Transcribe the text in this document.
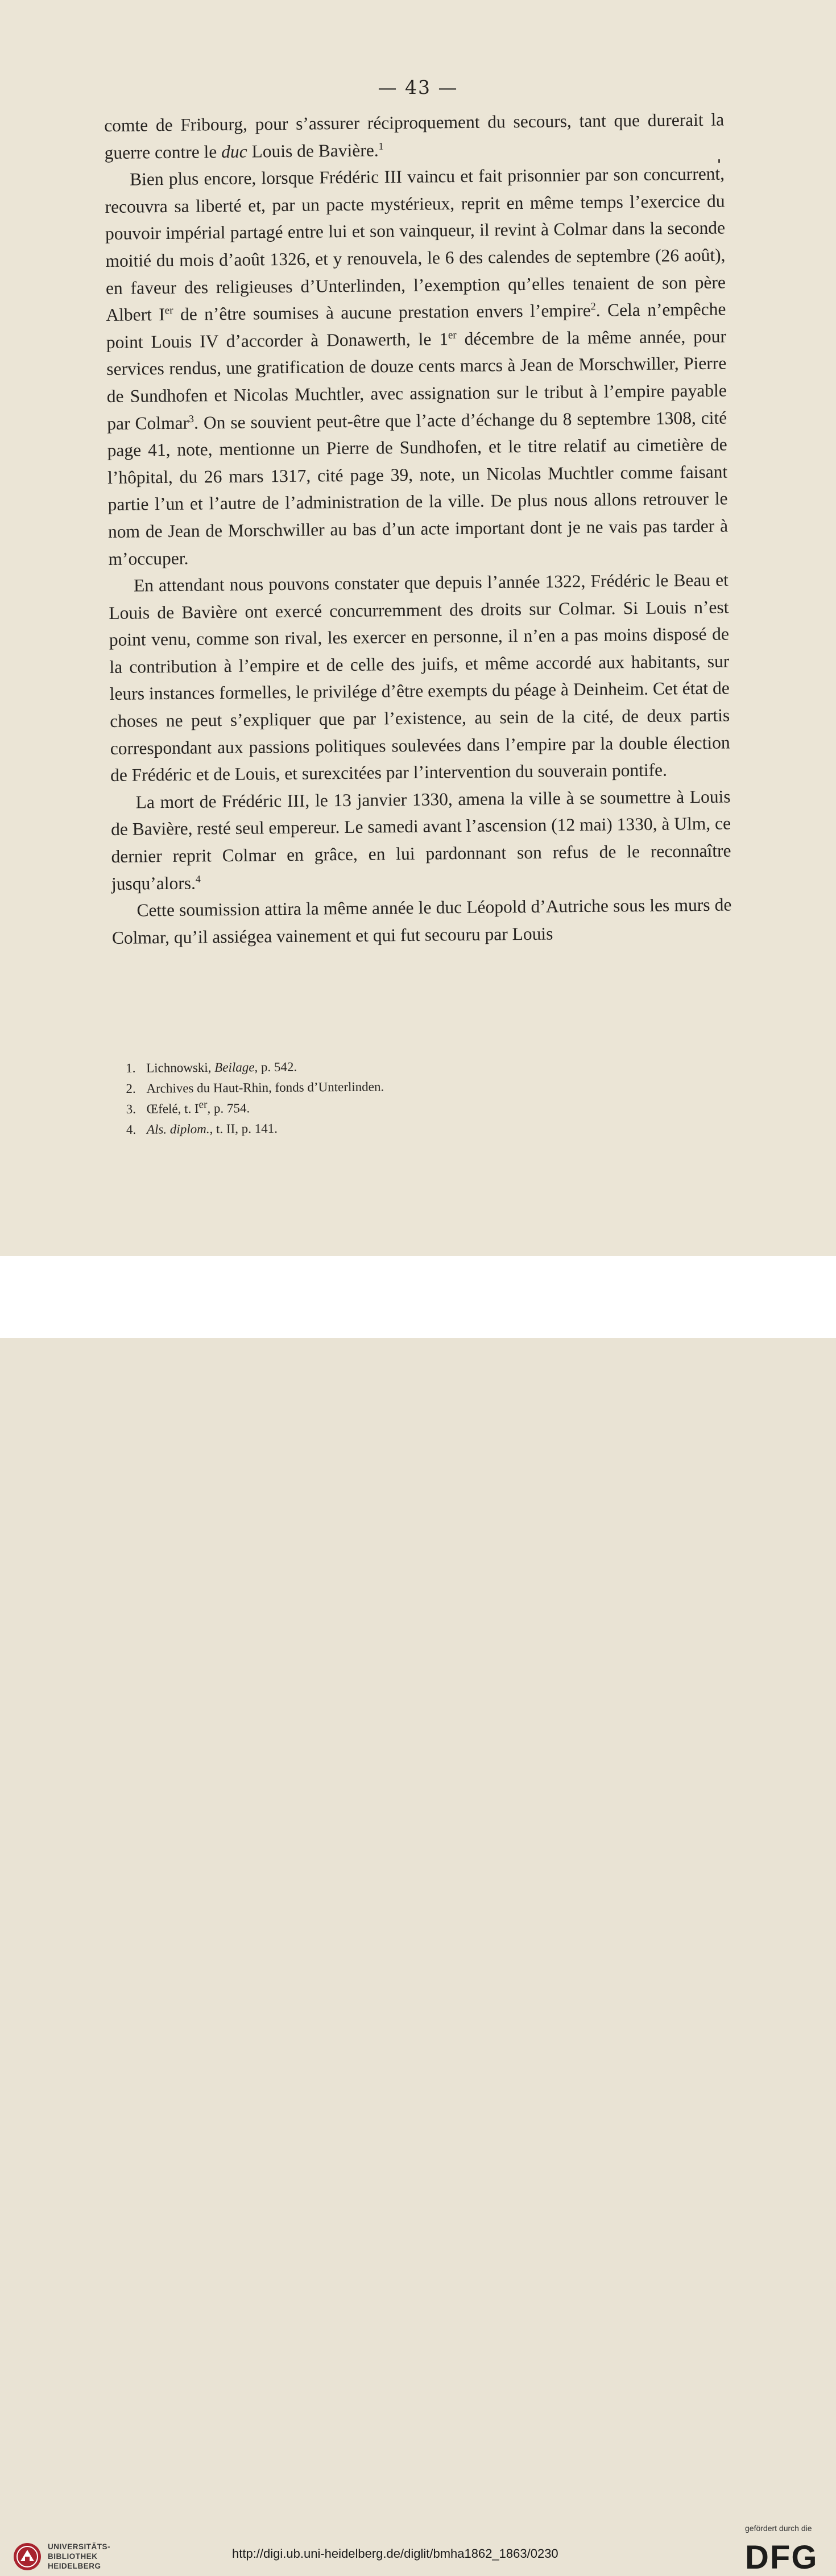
— 43 —

comte de Fribourg, pour s’assurer réciproquement du secours, tant que durerait la guerre contre le duc Louis de Bavière.$^1$

Bien plus encore, lorsque Frédéric III vaincu et fait prisonnier par son concurrent, recouvra sa liberté et, par un pacte mystérieux, reprit en même temps l’exercice du pouvoir impérial partagé entre lui et son vainqueur, il revint à Colmar dans la seconde moitié du mois d’août 1326, et y renouvela, le 6 des calendes de septembre (26 août), en faveur des religieuses d’Unterlinden, l’exemption qu’elles tenaient de son père Albert Ier de n’être soumises à aucune prestation envers l’empire$^2$. Cela n’empêche point Louis IV d’accorder à Donawerth, le 1er décembre de la même année, pour services rendus, une gratification de douze cents marcs à Jean de Morschwiller, Pierre de Sundhofen et Nicolas Muchtler, avec assignation sur le tribut à l’empire payable par Colmar$^3$. On se souvient peut-être que l’acte d’échange du 8 septembre 1308, cité page 41, note, mentionne un Pierre de Sundhofen, et le titre relatif au cimetière de l’hôpital, du 26 mars 1317, cité page 39, note, un Nicolas Muchtler comme faisant partie l’un et l’autre de l’administration de la ville. De plus nous allons retrouver le nom de Jean de Morschwiller au bas d’un acte important dont je ne vais pas tarder à m’occuper.

En attendant nous pouvons constater que depuis l’année 1322, Frédéric le Beau et Louis de Bavière ont exercé concurremment des droits sur Colmar. Si Louis n’est point venu, comme son rival, les exercer en personne, il n’en a pas moins disposé de la contribution à l’empire et de celle des juifs, et même accordé aux habitants, sur leurs instances formelles, le privilége d’être exempts du péage à Deinheim. Cet état de choses ne peut s’expliquer que par l’existence, au sein de la cité, de deux partis correspondant aux passions politiques soulevées dans l’empire par la double élection de Frédéric et de Louis, et surexcitées par l’intervention du souverain pontife.

La mort de Frédéric III, le 13 janvier 1330, amena la ville à se soumettre à Louis de Bavière, resté seul empereur. Le samedi avant l’ascension (12 mai) 1330, à Ulm, ce dernier reprit Colmar en grâce, en lui pardonnant son refus de le reconnaître jusqu’alors.$^4$

Cette soumission attira la même année le duc Léopold d’Autriche sous les murs de Colmar, qu’il assiégea vainement et qui fut secouru par Louis

1. Lichnowski, Beilage, p. 542.
2. Archives du Haut-Rhin, fonds d’Unterlinden.
3. Œfelé, t. Ier, p. 754.
4. Als. diplom., t. II, p. 141.
UNIVERSITÄTS-
BIBLIOTHEK
HEIDELBERG
http://digi.ub.uni-heidelberg.de/diglit/bmha1862_1863/0230
gefördert durch die
DFG
